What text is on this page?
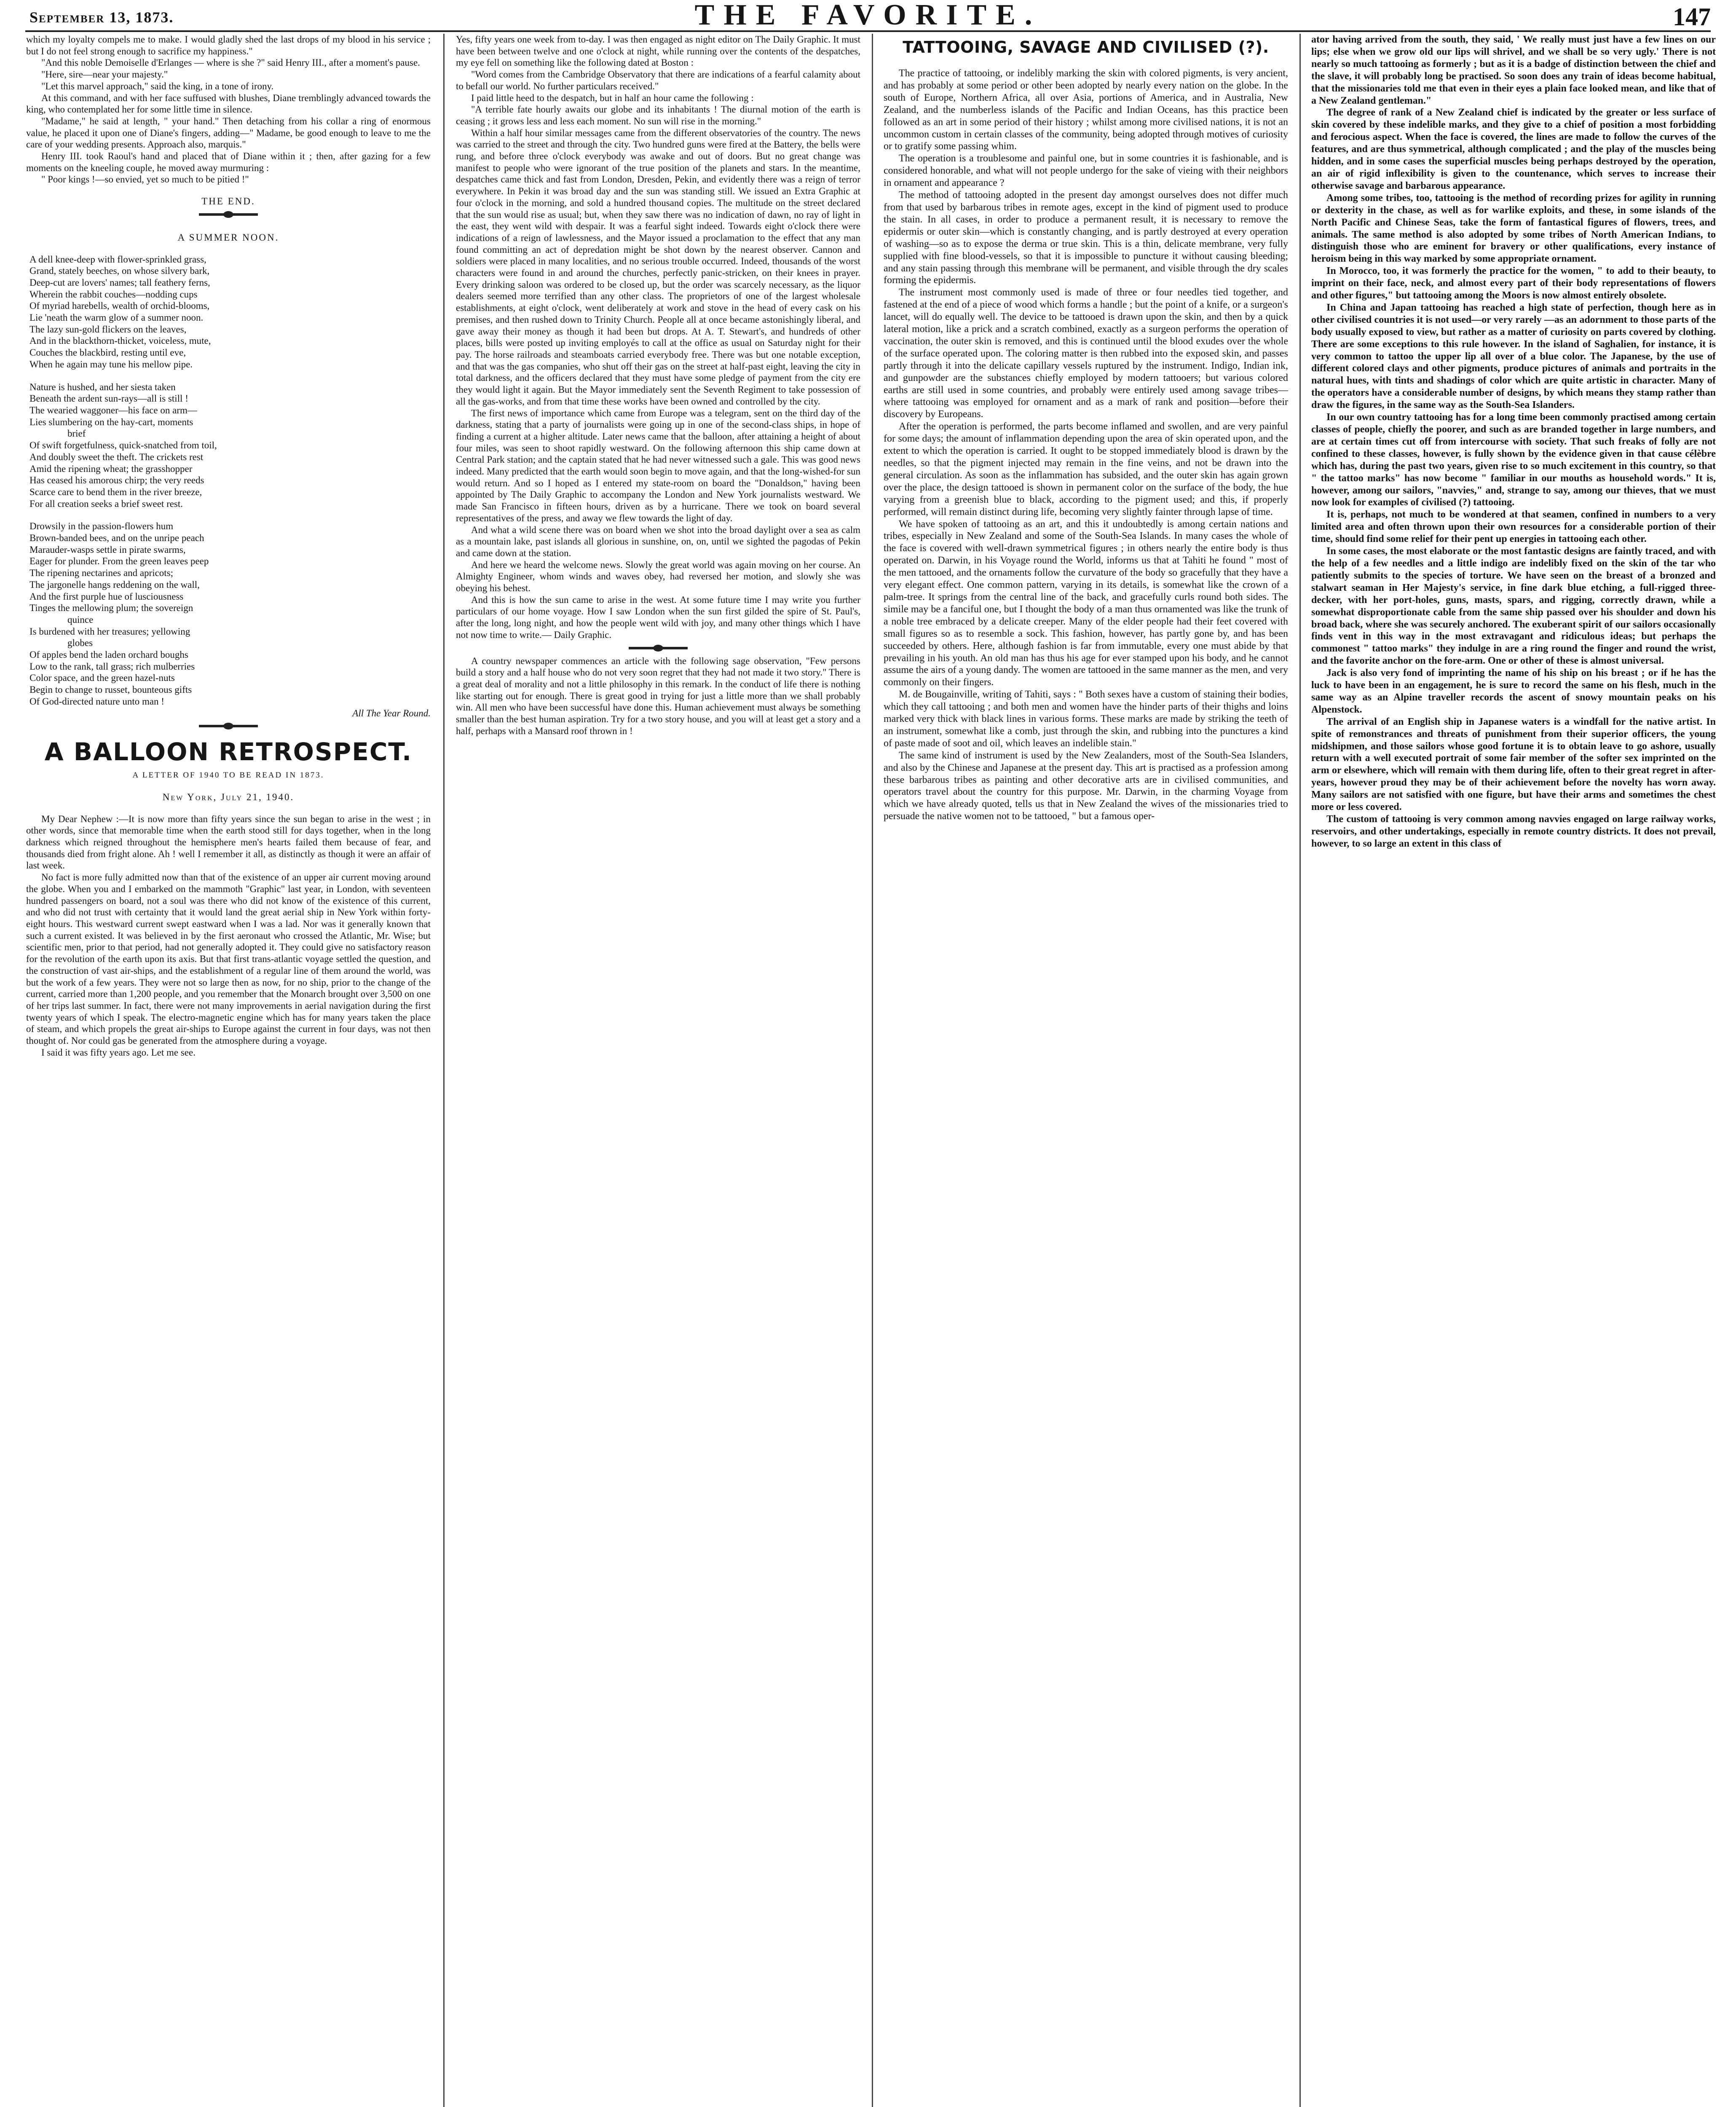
September 13, 1873.	THE FAVORITE.	147

which my loyalty compels me to make. I would gladly shed the last drops of my blood in his service ; but I do not feel strong enough to sacrifice my happiness."

"And this noble Demoiselle d'Erlanges — where is she ?" said Henry III., after a moment's pause.

"Here, sire—near your majesty."

"Let this marvel approach," said the king, in a tone of irony.

At this command, and with her face suffused with blushes, Diane tremblingly advanced towards the king, who contemplated her for some little time in silence.

"Madame," he said at length, " your hand." Then detaching from his collar a ring of enormous value, he placed it upon one of Diane's fingers, adding—" Madame, be good enough to leave to me the care of your wedding presents. Approach also, marquis."

Henry III. took Raoul's hand and placed that of Diane within it ; then, after gazing for a few moments on the kneeling couple, he moved away murmuring :

" Poor kings !—so envied, yet so much to be pitied !"

THE END.

A SUMMER NOON.

A dell knee-deep with flower-sprinkled grass,

Grand, stately beeches, on whose silvery bark,

Deep-cut are lovers' names; tall feathery ferns,

Wherein the rabbit couches—nodding cups

Of myriad harebells, wealth of orchid-blooms,

Lie 'neath the warm glow of a summer noon.

The lazy sun-gold flickers on the leaves,

And in the blackthorn-thicket, voiceless, mute,

Couches the blackbird, resting until eve,

When he again may tune his mellow pipe.

Nature is hushed, and her siesta taken

Beneath the ardent sun-rays—all is still !

The wearied waggoner—his face on arm—

Lies slumbering on the hay-cart, moments

brief

Of swift forgetfulness, quick-snatched from toil,

And doubly sweet the theft. The crickets rest

Amid the ripening wheat; the grasshopper

Has ceased his amorous chirp; the very reeds

Scarce care to bend them in the river breeze,

For all creation seeks a brief sweet rest.

Drowsily in the passion-flowers hum

Brown-banded bees, and on the unripe peach

Marauder-wasps settle in pirate swarms,

Eager for plunder. From the green leaves peep

The ripening nectarines and apricots;

The jargonelle hangs reddening on the wall,

And the first purple hue of lusciousness

Tinges the mellowing plum; the sovereign

quince

Is burdened with her treasures; yellowing

globes

Of apples bend the laden orchard boughs

Low to the rank, tall grass; rich mulberries

Color space, and the green hazel-nuts

Begin to change to russet, bounteous gifts

Of God-directed nature unto man !

All The Year Round.

A BALLOON RETROSPECT.

A LETTER OF 1940 TO BE READ IN 1873.

New York, July 21, 1940.

My Dear Nephew :—It is now more than fifty years since the sun began to arise in the west ; in other words, since that memorable time when the earth stood still for days together, when in the long darkness which reigned throughout the hemisphere men's hearts failed them because of fear, and thousands died from fright alone. Ah ! well I remember it all, as distinctly as though it were an affair of last week.

No fact is more fully admitted now than that of the existence of an upper air current moving around the globe. When you and I embarked on the mammoth "Graphic" last year, in London, with seventeen hundred passengers on board, not a soul was there who did not know of the existence of this current, and who did not trust with certainty that it would land the great aerial ship in New York within forty-eight hours. This westward current swept eastward when I was a lad. Nor was it generally known that such a current existed. It was believed in by the first aeronaut who crossed the Atlantic, Mr. Wise; but scientific men, prior to that period, had not generally adopted it. They could give no satisfactory reason for the revolution of the earth upon its axis. But that first trans-atlantic voyage settled the question, and the construction of vast air-ships, and the establishment of a regular line of them around the world, was but the work of a few years. They were not so large then as now, for no ship, prior to the change of the current, carried more than 1,200 people, and you remember that the Monarch brought over 3,500 on one of her trips last summer. In fact, there were not many improvements in aerial navigation during the first twenty years of which I speak. The electro-magnetic engine which has for many years taken the place of steam, and which propels the great air-ships to Europe against the current in four days, was not then thought of. Nor could gas be generated from the atmosphere during a voyage.

I said it was fifty years ago. Let me see.

Yes, fifty years one week from to-day. I was then engaged as night editor on The Daily Graphic. It must have been between twelve and one o'clock at night, while running over the contents of the despatches, my eye fell on something like the following dated at Boston :

"Word comes from the Cambridge Observatory that there are indications of a fearful calamity about to befall our world. No further particulars received."

I paid little heed to the despatch, but in half an hour came the following :

"A terrible fate hourly awaits our globe and its inhabitants ! The diurnal motion of the earth is ceasing ; it grows less and less each moment. No sun will rise in the morning."

Within a half hour similar messages came from the different observatories of the country. The news was carried to the street and through the city. Two hundred guns were fired at the Battery, the bells were rung, and before three o'clock everybody was awake and out of doors. But no great change was manifest to people who were ignorant of the true position of the planets and stars. In the meantime, despatches came thick and fast from London, Dresden, Pekin, and evidently there was a reign of terror everywhere. In Pekin it was broad day and the sun was standing still. We issued an Extra Graphic at four o'clock in the morning, and sold a hundred thousand copies. The multitude on the street declared that the sun would rise as usual; but, when they saw there was no indication of dawn, no ray of light in the east, they went wild with despair. It was a fearful sight indeed. Towards eight o'clock there were indications of a reign of lawlessness, and the Mayor issued a proclamation to the effect that any man found committing an act of depredation might be shot down by the nearest observer. Cannon and soldiers were placed in many localities, and no serious trouble occurred. Indeed, thousands of the worst characters were found in and around the churches, perfectly panic-stricken, on their knees in prayer. Every drinking saloon was ordered to be closed up, but the order was scarcely necessary, as the liquor dealers seemed more terrified than any other class. The proprietors of one of the largest wholesale establishments, at eight o'clock, went deliberately at work and stove in the head of every cask on his premises, and then rushed down to Trinity Church. People all at once became astonishingly liberal, and gave away their money as though it had been but drops. At A. T. Stewart's, and hundreds of other places, bills were posted up inviting employés to call at the office as usual on Saturday night for their pay. The horse railroads and steamboats carried everybody free. There was but one notable exception, and that was the gas companies, who shut off their gas on the street at half-past eight, leaving the city in total darkness, and the officers declared that they must have some pledge of payment from the city ere they would light it again. But the Mayor immediately sent the Seventh Regiment to take possession of all the gas-works, and from that time these works have been owned and controlled by the city.

The first news of importance which came from Europe was a telegram, sent on the third day of the darkness, stating that a party of journalists were going up in one of the second-class ships, in hope of finding a current at a higher altitude. Later news came that the balloon, after attaining a height of about four miles, was seen to shoot rapidly westward. On the following afternoon this ship came down at Central Park station; and the captain stated that he had never witnessed such a gale. This was good news indeed. Many predicted that the earth would soon begin to move again, and that the long-wished-for sun would return. And so I hoped as I entered my state-room on board the "Donaldson," having been appointed by The Daily Graphic to accompany the London and New York journalists westward. We made San Francisco in fifteen hours, driven as by a hurricane. There we took on board several representatives of the press, and away we flew towards the light of day.

And what a wild scene there was on board when we shot into the broad daylight over a sea as calm as a mountain lake, past islands all glorious in sunshine, on, on, until we sighted the pagodas of Pekin and came down at the station.

And here we heard the welcome news. Slowly the great world was again moving on her course. An Almighty Engineer, whom winds and waves obey, had reversed her motion, and slowly she was obeying his behest.

And this is how the sun came to arise in the west. At some future time I may write you further particulars of our home voyage. How I saw London when the sun first gilded the spire of St. Paul's, after the long, long night, and how the people went wild with joy, and many other things which I have not now time to write.— Daily Graphic.

A country newspaper commences an article with the following sage observation, "Few persons build a story and a half house who do not very soon regret that they had not made it two story." There is a great deal of morality and not a little philosophy in this remark. In the conduct of life there is nothing like starting out for enough. There is great good in trying for just a little more than we shall probably win. All men who have been successful have done this. Human achievement must always be something smaller than the best human aspiration. Try for a two story house, and you will at least get a story and a half, perhaps with a Mansard roof thrown in !

TATTOOING, SAVAGE AND CIVILISED (?).

The practice of tattooing, or indelibly marking the skin with colored pigments, is very ancient, and has probably at some period or other been adopted by nearly every nation on the globe. In the south of Europe, Northern Africa, all over Asia, portions of America, and in Australia, New Zealand, and the numberless islands of the Pacific and Indian Oceans, has this practice been followed as an art in some period of their history ; whilst among more civilised nations, it is not an uncommon custom in certain classes of the community, being adopted through motives of curiosity or to gratify some passing whim.

The operation is a troublesome and painful one, but in some countries it is fashionable, and is considered honorable, and what will not people undergo for the sake of vieing with their neighbors in ornament and appearance ?

The method of tattooing adopted in the present day amongst ourselves does not differ much from that used by barbarous tribes in remote ages, except in the kind of pigment used to produce the stain. In all cases, in order to produce a permanent result, it is necessary to remove the epidermis or outer skin—which is constantly changing, and is partly destroyed at every operation of washing—so as to expose the derma or true skin. This is a thin, delicate membrane, very fully supplied with fine blood-vessels, so that it is impossible to puncture it without causing bleeding; and any stain passing through this membrane will be permanent, and visible through the dry scales forming the epidermis.

The instrument most commonly used is made of three or four needles tied together, and fastened at the end of a piece of wood which forms a handle ; but the point of a knife, or a surgeon's lancet, will do equally well. The device to be tattooed is drawn upon the skin, and then by a quick lateral motion, like a prick and a scratch combined, exactly as a surgeon performs the operation of vaccination, the outer skin is removed, and this is continued until the blood exudes over the whole of the surface operated upon. The coloring matter is then rubbed into the exposed skin, and passes partly through it into the delicate capillary vessels ruptured by the instrument. Indigo, Indian ink, and gunpowder are the substances chiefly employed by modern tattooers; but various colored earths are still used in some countries, and probably were entirely used among savage tribes—where tattooing was employed for ornament and as a mark of rank and position—before their discovery by Europeans.

After the operation is performed, the parts become inflamed and swollen, and are very painful for some days; the amount of inflammation depending upon the area of skin operated upon, and the extent to which the operation is carried. It ought to be stopped immediately blood is drawn by the needles, so that the pigment injected may remain in the fine veins, and not be drawn into the general circulation. As soon as the inflammation has subsided, and the outer skin has again grown over the place, the design tattooed is shown in permanent color on the surface of the body, the hue varying from a greenish blue to black, according to the pigment used; and this, if properly performed, will remain distinct during life, becoming very slightly fainter through lapse of time.

We have spoken of tattooing as an art, and this it undoubtedly is among certain nations and tribes, especially in New Zealand and some of the South-Sea Islands. In many cases the whole of the face is covered with well-drawn symmetrical figures ; in others nearly the entire body is thus operated on. Darwin, in his Voyage round the World, informs us that at Tahiti he found " most of the men tattooed, and the ornaments follow the curvature of the body so gracefully that they have a very elegant effect. One common pattern, varying in its details, is somewhat like the crown of a palm-tree. It springs from the central line of the back, and gracefully curls round both sides. The simile may be a fanciful one, but I thought the body of a man thus ornamented was like the trunk of a noble tree embraced by a delicate creeper. Many of the elder people had their feet covered with small figures so as to resemble a sock. This fashion, however, has partly gone by, and has been succeeded by others. Here, although fashion is far from immutable, every one must abide by that prevailing in his youth. An old man has thus his age for ever stamped upon his body, and he cannot assume the airs of a young dandy. The women are tattooed in the same manner as the men, and very commonly on their fingers.

M. de Bougainville, writing of Tahiti, says : " Both sexes have a custom of staining their bodies, which they call tattooing ; and both men and women have the hinder parts of their thighs and loins marked very thick with black lines in various forms. These marks are made by striking the teeth of an instrument, somewhat like a comb, just through the skin, and rubbing into the punctures a kind of paste made of soot and oil, which leaves an indelible stain."

The same kind of instrument is used by the New Zealanders, most of the South-Sea Islanders, and also by the Chinese and Japanese at the present day. This art is practised as a profession among these barbarous tribes as painting and other decorative arts are in civilised communities, and operators travel about the country for this purpose. Mr. Darwin, in the charming Voyage from which we have already quoted, tells us that in New Zealand the wives of the missionaries tried to persuade the native women not to be tattooed, " but a famous oper-

ator having arrived from the south, they said, ' We really must just have a few lines on our lips; else when we grow old our lips will shrivel, and we shall be so very ugly.' There is not nearly so much tattooing as formerly ; but as it is a badge of distinction between the chief and the slave, it will probably long be practised. So soon does any train of ideas become habitual, that the missionaries told me that even in their eyes a plain face looked mean, and like that of a New Zealand gentleman."

The degree of rank of a New Zealand chief is indicated by the greater or less surface of skin covered by these indelible marks, and they give to a chief of position a most forbidding and ferocious aspect. When the face is covered, the lines are made to follow the curves of the features, and are thus symmetrical, although complicated ; and the play of the muscles being hidden, and in some cases the superficial muscles being perhaps destroyed by the operation, an air of rigid inflexibility is given to the countenance, which serves to increase their otherwise savage and barbarous appearance.

Among some tribes, too, tattooing is the method of recording prizes for agility in running or dexterity in the chase, as well as for warlike exploits, and these, in some islands of the North Pacific and Chinese Seas, take the form of fantastical figures of flowers, trees, and animals. The same method is also adopted by some tribes of North American Indians, to distinguish those who are eminent for bravery or other qualifications, every instance of heroism being in this way marked by some appropriate ornament.

In Morocco, too, it was formerly the practice for the women, " to add to their beauty, to imprint on their face, neck, and almost every part of their body representations of flowers and other figures," but tattooing among the Moors is now almost entirely obsolete.

In China and Japan tattooing has reached a high state of perfection, though here as in other civilised countries it is not used—or very rarely —as an adornment to those parts of the body usually exposed to view, but rather as a matter of curiosity on parts covered by clothing. There are some exceptions to this rule however. In the island of Saghalien, for instance, it is very common to tattoo the upper lip all over of a blue color. The Japanese, by the use of different colored clays and other pigments, produce pictures of animals and portraits in the natural hues, with tints and shadings of color which are quite artistic in character. Many of the operators have a considerable number of designs, by which means they stamp rather than draw the figures, in the same way as the South-Sea Islanders.

In our own country tattooing has for a long time been commonly practised among certain classes of people, chiefly the poorer, and such as are branded together in large numbers, and are at certain times cut off from intercourse with society. That such freaks of folly are not confined to these classes, however, is fully shown by the evidence given in that cause célèbre which has, during the past two years, given rise to so much excitement in this country, so that " the tattoo marks" has now become " familiar in our mouths as household words." It is, however, among our sailors, "navvies," and, strange to say, among our thieves, that we must now look for examples of civilised (?) tattooing.

It is, perhaps, not much to be wondered at that seamen, confined in numbers to a very limited area and often thrown upon their own resources for a considerable portion of their time, should find some relief for their pent up energies in tattooing each other.

In some cases, the most elaborate or the most fantastic designs are faintly traced, and with the help of a few needles and a little indigo are indelibly fixed on the skin of the tar who patiently submits to the species of torture. We have seen on the breast of a bronzed and stalwart seaman in Her Majesty's service, in fine dark blue etching, a full-rigged three-decker, with her port-holes, guns, masts, spars, and rigging, correctly drawn, while a somewhat disproportionate cable from the same ship passed over his shoulder and down his broad back, where she was securely anchored. The exuberant spirit of our sailors occasionally finds vent in this way in the most extravagant and ridiculous ideas; but perhaps the commonest " tattoo marks" they indulge in are a ring round the finger and round the wrist, and the favorite anchor on the fore-arm. One or other of these is almost universal.

Jack is also very fond of imprinting the name of his ship on his breast ; or if he has the luck to have been in an engagement, he is sure to record the same on his flesh, much in the same way as an Alpine traveller records the ascent of snowy mountain peaks on his Alpenstock.

The arrival of an English ship in Japanese waters is a windfall for the native artist. In spite of remonstrances and threats of punishment from their superior officers, the young midshipmen, and those sailors whose good fortune it is to obtain leave to go ashore, usually return with a well executed portrait of some fair member of the softer sex imprinted on the arm or elsewhere, which will remain with them during life, often to their great regret in after-years, however proud they may be of their achievement before the novelty has worn away. Many sailors are not satisfied with one figure, but have their arms and sometimes the chest more or less covered.

The custom of tattooing is very common among navvies engaged on large railway works, reservoirs, and other undertakings, especially in remote country districts. It does not prevail, however, to so large an extent in this class of
